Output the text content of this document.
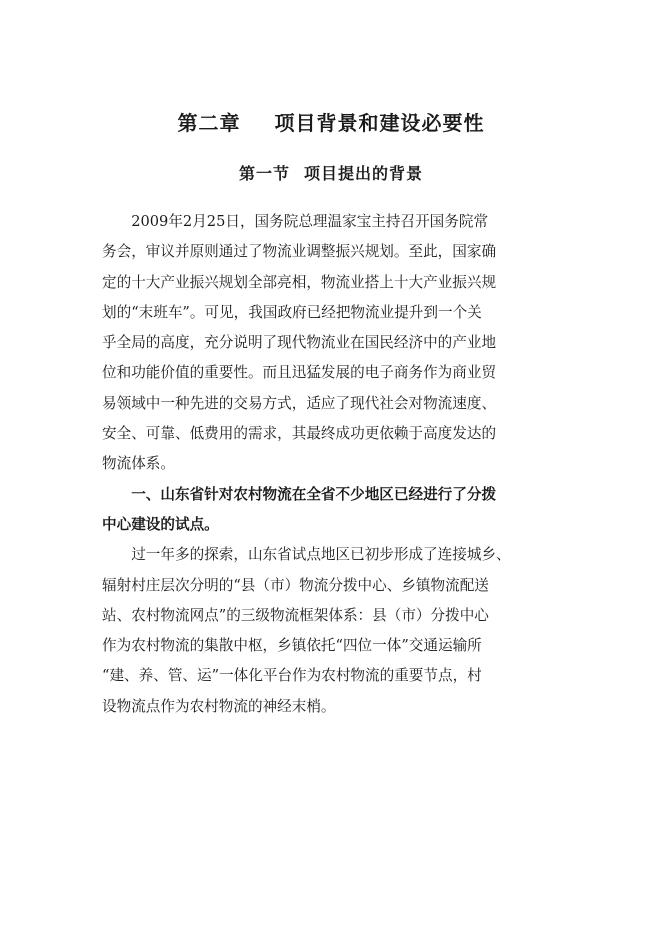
第二章 项目背景和建设必要性
第一节 项目提出的背景
　　2009年2月25日，国务院总理温家宝主持召开国务院常
务会，审议并原则通过了物流业调整振兴规划。至此，国家确
定的十大产业振兴规划全部亮相，物流业搭上十大产业振兴规
划的“末班车”。可见，我国政府已经把物流业提升到一个关
乎全局的高度，充分说明了现代物流业在国民经济中的产业地
位和功能价值的重要性。而且迅猛发展的电子商务作为商业贸
易领域中一种先进的交易方式，适应了现代社会对物流速度、
安全、可靠、低费用的需求，其最终成功更依赖于高度发达的
物流体系。
　　一、山东省针对农村物流在全省不少地区已经进行了分拨
中心建设的试点。
　　过一年多的探索，山东省试点地区已初步形成了连接城乡、
辐射村庄层次分明的“县（市）物流分拨中心、乡镇物流配送
站、农村物流网点”的三级物流框架体系：县（市）分拨中心
作为农村物流的集散中枢，乡镇依托“四位一体”交通运输所
“建、养、管、运”一体化平台作为农村物流的重要节点，村
设物流点作为农村物流的神经末梢。
